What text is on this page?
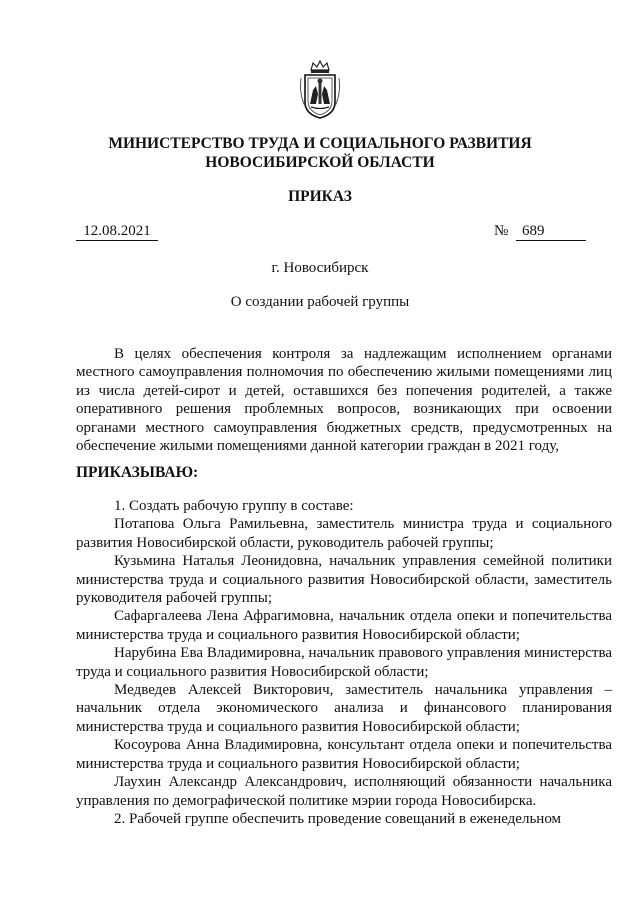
МИНИСТЕРСТВО ТРУДА И СОЦИАЛЬНОГО РАЗВИТИЯ
НОВОСИБИРСКОЙ ОБЛАСТИ
ПРИКАЗ
12.08.2021	№ 689
г. Новосибирск
О создании рабочей группы

В целях обеспечения контроля за надлежащим исполнением органами местного самоуправления полномочия по обеспечению жилыми помещениями лиц из числа детей-сирот и детей, оставшихся без попечения родителей, а также оперативного решения проблемных вопросов, возникающих при освоении органами местного самоуправления бюджетных средств, предусмотренных на обеспечение жилыми помещениями данной категории граждан в 2021 году,

ПРИКАЗЫВАЮ:

1. Создать рабочую группу в составе:

Потапова Ольга Рамильевна, заместитель министра труда и социального развития Новосибирской области, руководитель рабочей группы;

Кузьмина Наталья Леонидовна, начальник управления семейной политики министерства труда и социального развития Новосибирской области, заместитель руководителя рабочей группы;

Сафаргалеева Лена Афрагимовна, начальник отдела опеки и попечительства министерства труда и социального развития Новосибирской области;

Нарубина Ева Владимировна, начальник правового управления министерства труда и социального развития Новосибирской области;

Медведев Алексей Викторович, заместитель начальника управления – начальник отдела экономического анализа и финансового планирования министерства труда и социального развития Новосибирской области;

Косоурова Анна Владимировна, консультант отдела опеки и попечительства министерства труда и социального развития Новосибирской области;

Лаухин Александр Александрович, исполняющий обязанности начальника управления по демографической политике мэрии города Новосибирска.

2. Рабочей группе обеспечить проведение совещаний в еженедельном
